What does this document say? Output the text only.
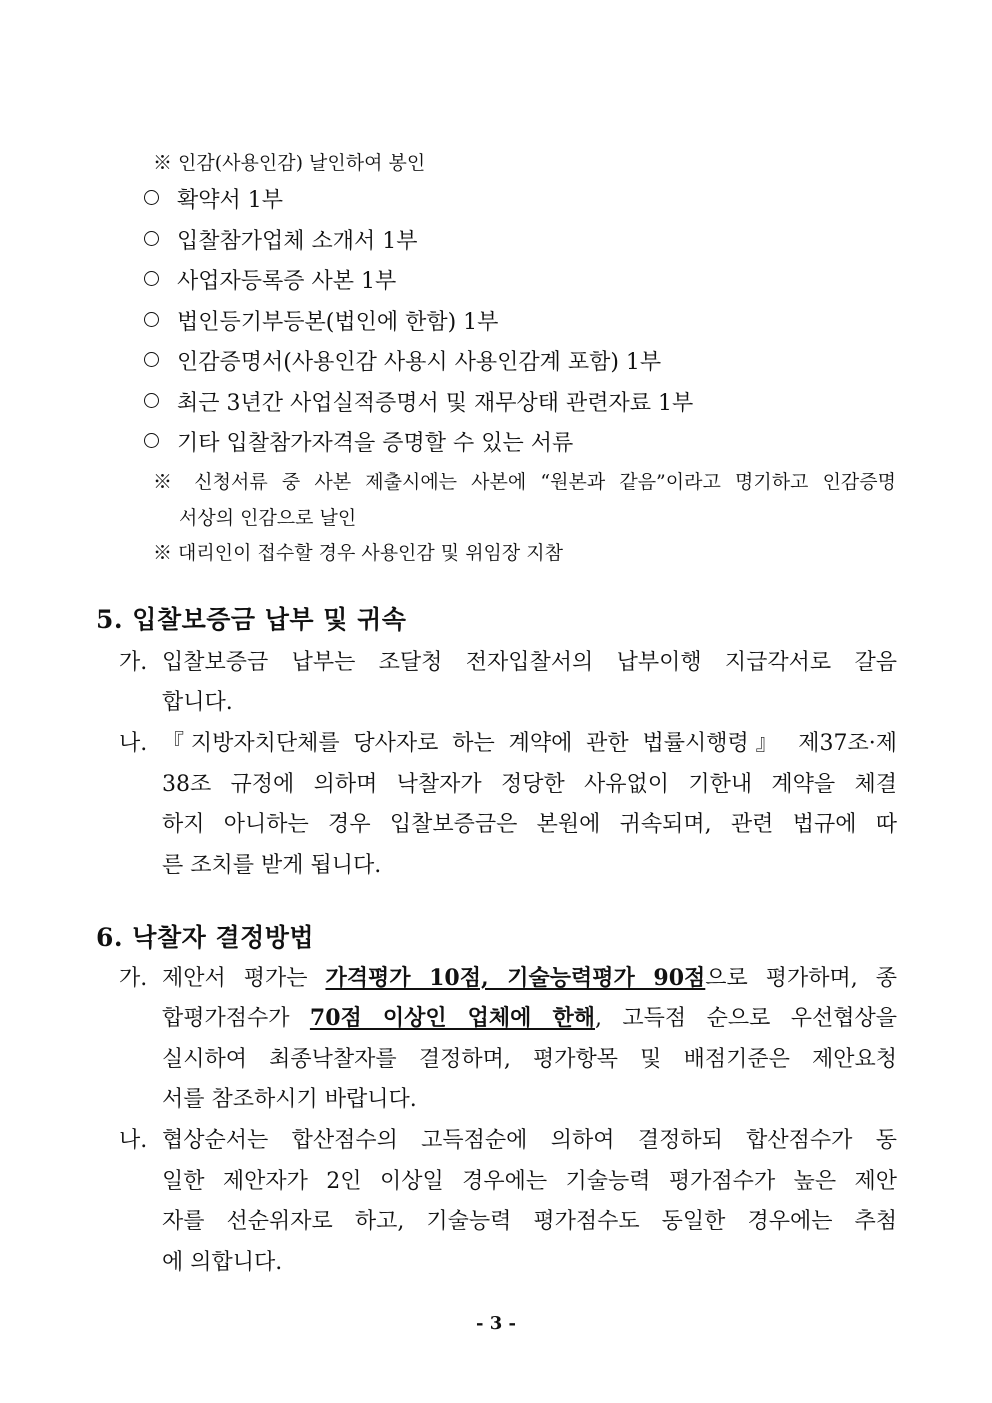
※ 인감(사용인감) 날인하여 봉인
확약서 1부
입찰참가업체 소개서 1부
사업자등록증 사본 1부
법인등기부등본(법인에 한함) 1부
인감증명서(사용인감 사용시 사용인감계 포함) 1부
최근 3년간 사업실적증명서 및 재무상태 관련자료 1부
기타 입찰참가자격을 증명할 수 있는 서류
※ 신청서류 중 사본 제출시에는 사본에 “원본과 같음”이라고 명기하고 인감증명
서상의 인감으로 날인
※ 대리인이 접수할 경우 사용인감 및 위임장 지참
5. 입찰보증금 납부 및 귀속
가. 입찰보증금 납부는 조달청 전자입찰서의 납부이행 지급각서로 갈음
합니다.
나. 『지방자치단체를 당사자로 하는 계약에 관한 법률시행령』 제37조·제
38조 규정에 의하며 낙찰자가 정당한 사유없이 기한내 계약을 체결
하지 아니하는 경우 입찰보증금은 본원에 귀속되며, 관련 법규에 따
른 조치를 받게 됩니다.
6. 낙찰자 결정방법
가. 제안서 평가는 가격평가 10점, 기술능력평가 90점으로 평가하며, 종
합평가점수가 70점 이상인 업체에 한해, 고득점 순으로 우선협상을
실시하여 최종낙찰자를 결정하며, 평가항목 및 배점기준은 제안요청
서를 참조하시기 바랍니다.
나. 협상순서는 합산점수의 고득점순에 의하여 결정하되 합산점수가 동
일한 제안자가 2인 이상일 경우에는 기술능력 평가점수가 높은 제안
자를 선순위자로 하고, 기술능력 평가점수도 동일한 경우에는 추첨
에 의합니다.
- 3 -
